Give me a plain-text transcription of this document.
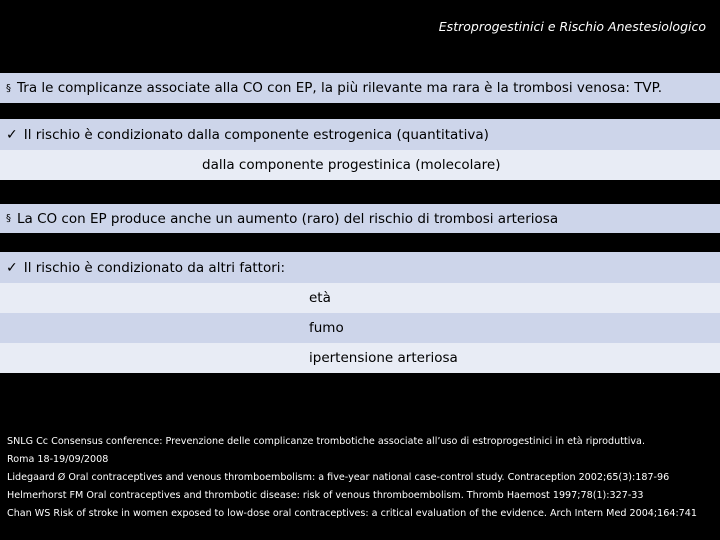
Estroprogestinici e Rischio Anestesiologico
§ Tra le complicanze associate alla CO con EP, la più rilevante ma rara è la trombosi venosa: TVP.
✓ Il rischio è condizionato dalla componente estrogenica (quantitativa)
dalla componente progestinica (molecolare)
§ La CO con EP produce anche un aumento (raro) del rischio di trombosi arteriosa
✓ Il rischio è condizionato da altri fattori:
età
fumo
ipertensione arteriosa
SNLG Cc Consensus conference: Prevenzione delle complicanze trombotiche associate all’uso di estroprogestinici in età riproduttiva.
Roma 18-19/09/2008
Lidegaard Ø Oral contraceptives and venous thromboembolism: a five-year national case-control study. Contraception 2002;65(3):187-96
Helmerhorst FM Oral contraceptives and thrombotic disease: risk of venous thromboembolism. Thromb Haemost 1997;78(1):327-33
Chan WS Risk of stroke in women exposed to low-dose oral contraceptives: a critical evaluation of the evidence. Arch Intern Med 2004;164:741
